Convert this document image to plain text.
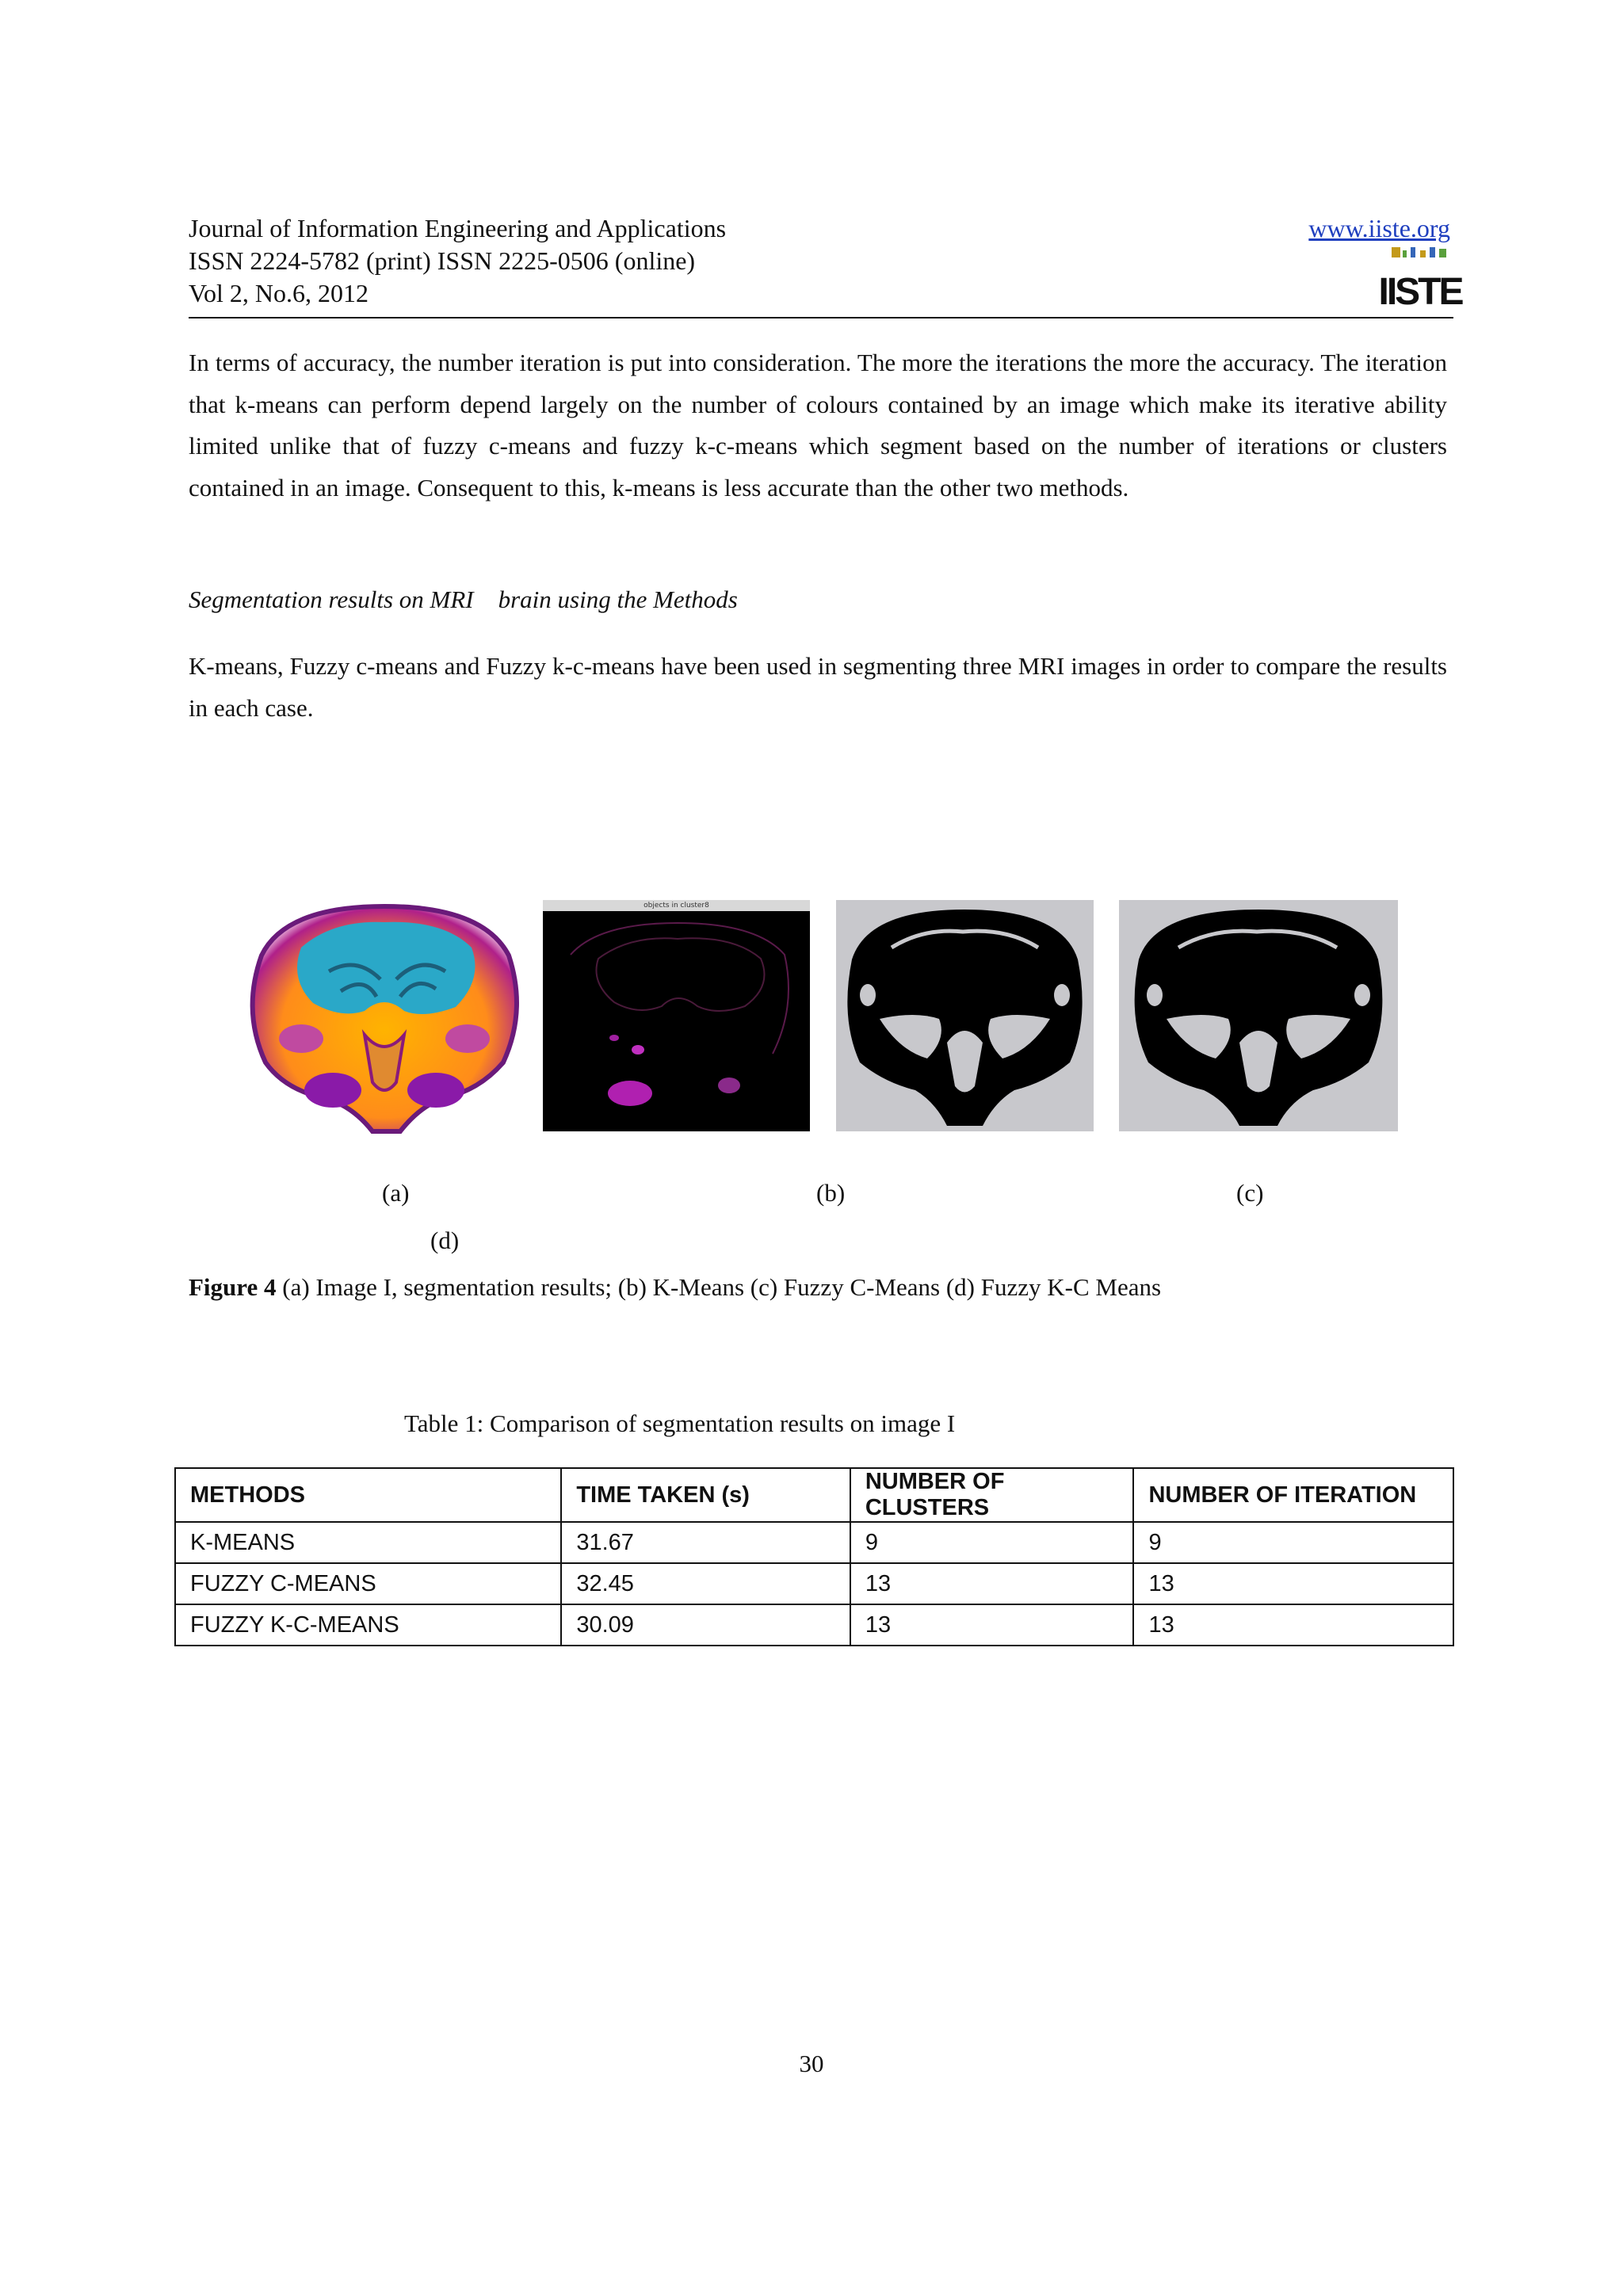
Journal of Information Engineering and Applications
ISSN 2224-5782 (print) ISSN 2225-0506 (online)
Vol 2, No.6, 2012
www.iiste.org
IISTE
In terms of accuracy, the number iteration is put into consideration. The more the iterations the more the accuracy. The iteration that k-means can perform depend largely on the number of colours contained by an image which make its iterative ability limited unlike that of fuzzy c-means and fuzzy k-c-means which segment based on the number of iterations or clusters contained in an image. Consequent to this, k-means is less accurate than the other two methods.
Segmentation results on MRI    brain using the Methods
K-means, Fuzzy c-means and Fuzzy k-c-means have been used in segmenting three MRI images in order to compare the results in each case.
objects in cluster8
(a)	(b)	(c)
(d)
Figure 4 (a) Image I, segmentation results; (b) K-Means (c) Fuzzy C-Means (d) Fuzzy K-C Means
Table 1: Comparison of segmentation results on image I
METHODS	TIME TAKEN (s)	NUMBER OF CLUSTERS	NUMBER OF ITERATION
K-MEANS	31.67	9	9
FUZZY C-MEANS	32.45	13	13
FUZZY K-C-MEANS	30.09	13	13
30
